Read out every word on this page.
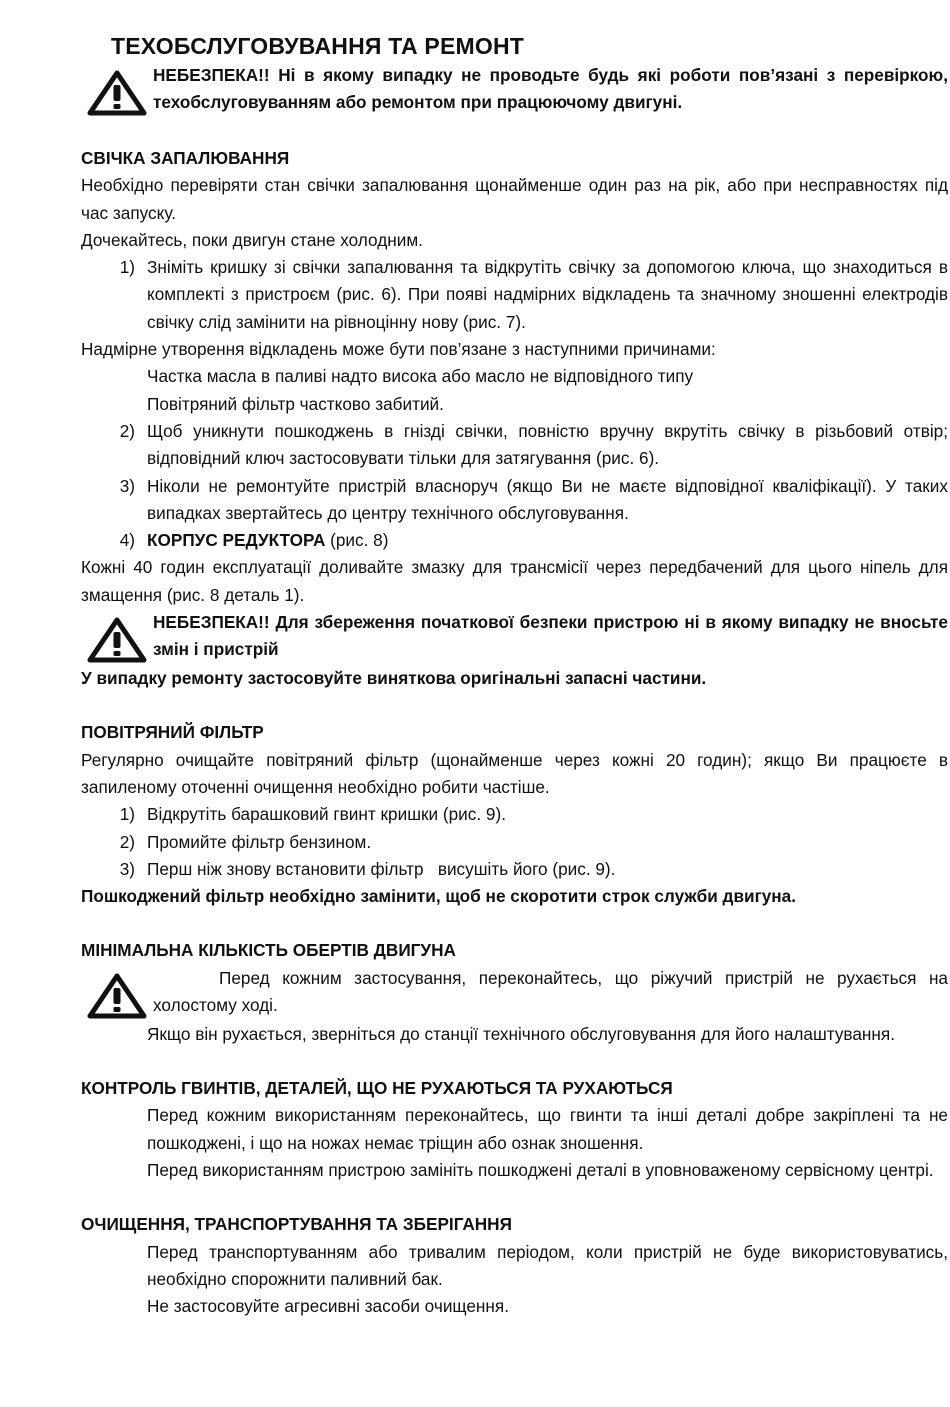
ТЕХОБСЛУГОВУВАННЯ ТА РЕМОНТ

НЕБЕЗПЕКА!! Ні в якому випадку не проводьте будь які роботи пов’язані з перевіркою, техобслуговуванням або ремонтом при працюючому двигуні.

СВІЧКА ЗАПАЛЮВАННЯ

Необхідно перевіряти стан свічки запалювання щонайменше один раз на рік, або при несправностях під час запуску.

Дочекайтесь, поки двигун стане холодним.

1) Зніміть кришку зі свічки запалювання та відкрутіть свічку за допомогою ключа, що знаходиться в комплекті з пристроєм (рис. 6). При появі надмірних відкладень та значному зношенні електродів свічку слід замінити на рівноцінну нову (рис. 7).

Надмірне утворення відкладень може бути пов’язане з наступними причинами:

Частка масла в паливі надто висока або масло не відповідного типу

Повітряний фільтр частково забитий.

2) Щоб уникнути пошкоджень в гнізді свічки, повністю вручну вкрутіть свічку в різьбовий отвір; відповідний ключ застосовувати тільки для затягування (рис. 6).
3) Ніколи не ремонтуйте пристрій власноруч (якщо Ви не маєте відповідної кваліфікації). У таких випадках звертайтесь до центру технічного обслуговування.
4) КОРПУС РЕДУКТОРА (рис. 8)

Кожні 40 годин експлуатації доливайте змазку для трансмісії через передбачений для цього ніпель для змащення (рис. 8 деталь 1).

НЕБЕЗПЕКА!! Для збереження початкової безпеки пристрою ні в якому випадку не вносьте змін і пристрій

У випадку ремонту застосовуйте виняткова оригінальні запасні частини.

ПОВІТРЯНИЙ ФІЛЬТР

Регулярно очищайте повітряний фільтр (щонайменше через кожні 20 годин); якщо Ви працюєте в запиленому оточенні очищення необхідно робити частіше.

1) Відкрутіть барашковий гвинт кришки (рис. 9).
2) Промийте фільтр бензином.
3) Перш ніж знову встановити фільтр   висушіть його (рис. 9).

Пошкоджений фільтр необхідно замінити, щоб не скоротити строк служби двигуна.

МІНІМАЛЬНА КІЛЬКІСТЬ ОБЕРТІВ ДВИГУНА

Перед кожним застосування, переконайтесь, що ріжучий пристрій не рухається на холостому ході.

Якщо він рухається, зверніться до станції технічного обслуговування для його налаштування.

КОНТРОЛЬ ГВИНТІВ, ДЕТАЛЕЙ, ЩО НЕ РУХАЮТЬСЯ ТА РУХАЮТЬСЯ

Перед кожним використанням переконайтесь, що гвинти та інші деталі добре закріплені та не пошкоджені, і що на ножах немає тріщин або ознак зношення.

Перед використанням пристрою замініть пошкоджені деталі в уповноваженому сервісному центрі.

ОЧИЩЕННЯ, ТРАНСПОРТУВАННЯ ТА ЗБЕРІГАННЯ

Перед транспортуванням або тривалим періодом, коли пристрій не буде використовуватись, необхідно спорожнити паливний бак.

Не застосовуйте агресивні засоби очищення.
